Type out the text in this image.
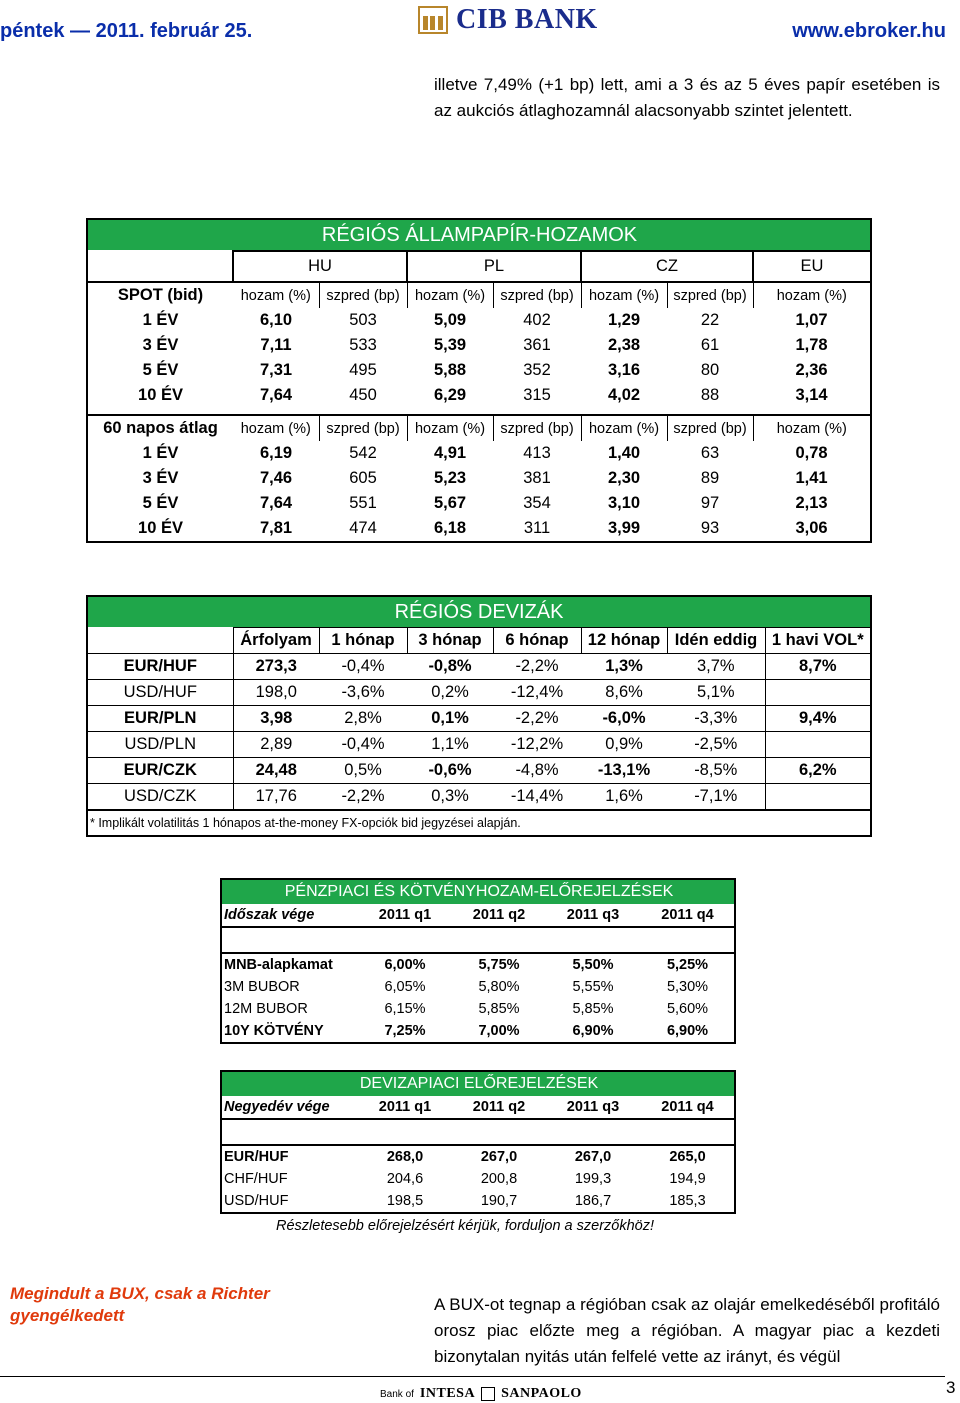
péntek — 2011. február 25.	CIB BANK	www.ebroker.hu
illetve 7,49% (+1 bp) lett, ami a 3 és az 5 éves papír esetében is az aukciós átlaghozamnál alacsonyabb szintet jelentett.
RÉGIÓS ÁLLAMPAPÍR-HOZAMOK							
	HU		PL		CZ		EU
SPOT (bid)	hozam (%)	szpred (bp)	hozam (%)	szpred (bp)	hozam (%)	szpred (bp)	hozam (%)
1 ÉV	6,10	503	5,09	402	1,29	22	1,07
3 ÉV	7,11	533	5,39	361	2,38	61	1,78
5 ÉV	7,31	495	5,88	352	3,16	80	2,36
10 ÉV	7,64	450	6,29	315	4,02	88	3,14

60 napos átlag	hozam (%)	szpred (bp)	hozam (%)	szpred (bp)	hozam (%)	szpred (bp)	hozam (%)
1 ÉV	6,19	542	4,91	413	1,40	63	0,78
3 ÉV	7,46	605	5,23	381	2,30	89	1,41
5 ÉV	7,64	551	5,67	354	3,10	97	2,13
10 ÉV	7,81	474	6,18	311	3,99	93	3,06
RÉGIÓS DEVIZÁK							
	Árfolyam	1 hónap	3 hónap	6 hónap	12 hónap	Idén eddig	1 havi VOL*
EUR/HUF	273,3	-0,4%	-0,8%	-2,2%	1,3%	3,7%	8,7%
USD/HUF	198,0	-3,6%	0,2%	-12,4%	8,6%	5,1%	
EUR/PLN	3,98	2,8%	0,1%	-2,2%	-6,0%	-3,3%	9,4%
USD/PLN	2,89	-0,4%	1,1%	-12,2%	0,9%	-2,5%	
EUR/CZK	24,48	0,5%	-0,6%	-4,8%	-13,1%	-8,5%	6,2%
USD/CZK	17,76	-2,2%	0,3%	-14,4%	1,6%	-7,1%	
* Implikált volatilitás 1 hónapos at-the-money FX-opciók bid jegyzései alapján.							
PÉNZPIACI ÉS KÖTVÉNYHOZAM-ELŐREJELZÉSEK				
Időszak vége	2011 q1	2011 q2	2011 q3	2011 q4

MNB-alapkamat	6,00%	5,75%	5,50%	5,25%
3M BUBOR	6,05%	5,80%	5,55%	5,30%
12M BUBOR	6,15%	5,85%	5,85%	5,60%
10Y KÖTVÉNY	7,25%	7,00%	6,90%	6,90%
DEVIZAPIACI ELŐREJELZÉSEK				
Negyedév vége	2011 q1	2011 q2	2011 q3	2011 q4

EUR/HUF	268,0	267,0	267,0	265,0
CHF/HUF	204,6	200,8	199,3	194,9
USD/HUF	198,5	190,7	186,7	185,3
Részletesebb előrejelzésért kérjük, forduljon a szerzőkhöz!
Megindult a BUX, csak a Richter gyengélkedett
A BUX-ot tegnap a régióban csak az olajár emelkedéséből profitáló orosz piac előzte meg a régióban. A magyar piac a kezdeti bizonytalan nyitás után felfelé vette az irányt, és végül
Bank of INTESA SANPAOLO	3
